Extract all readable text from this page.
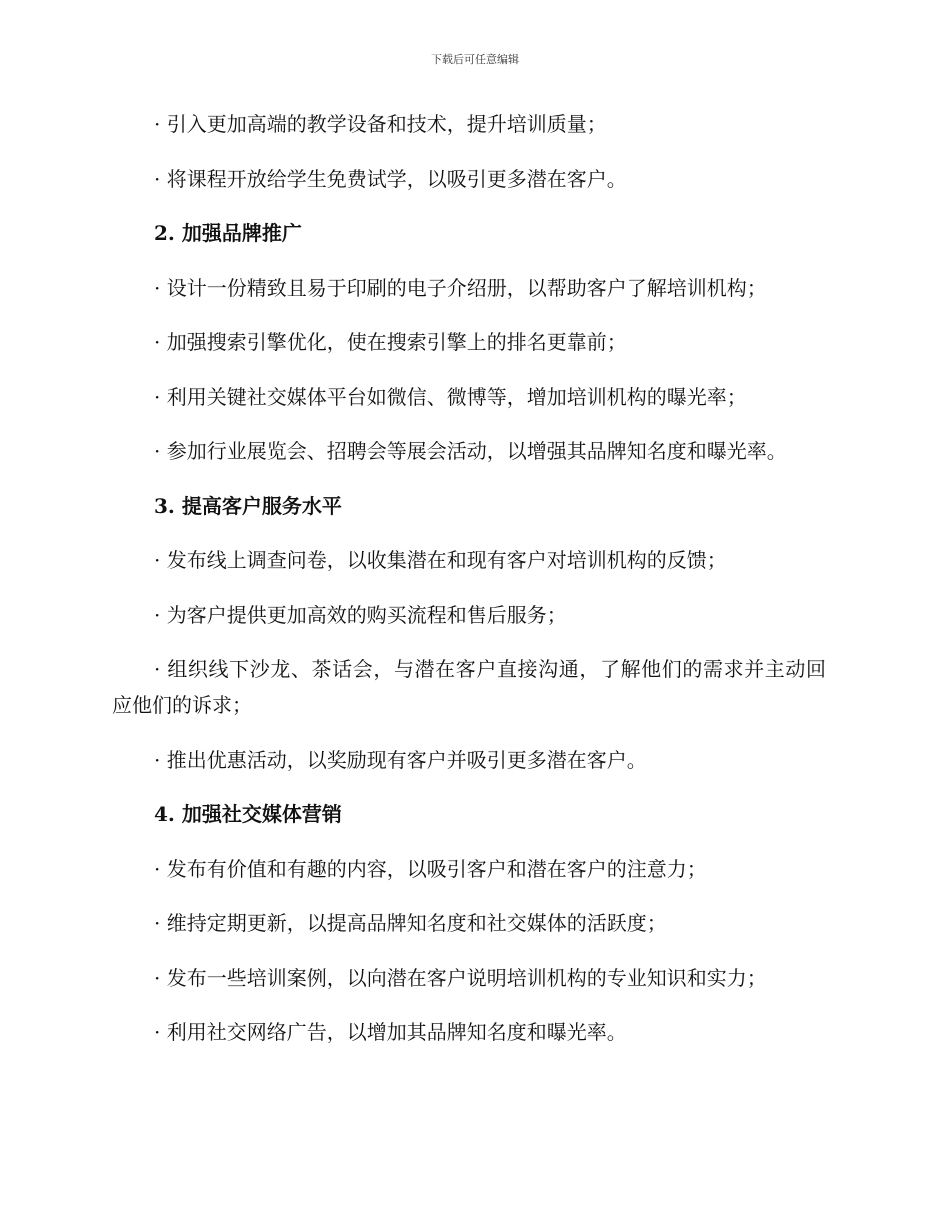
下载后可任意编辑

· 引入更加高端的教学设备和技术，提升培训质量；

· 将课程开放给学生免费试学，以吸引更多潜在客户。

2. 加强品牌推广

· 设计一份精致且易于印刷的电子介绍册，以帮助客户了解培训机构；

· 加强搜索引擎优化，使在搜索引擎上的排名更靠前；

· 利用关键社交媒体平台如微信、微博等，增加培训机构的曝光率；

· 参加行业展览会、招聘会等展会活动，以增强其品牌知名度和曝光率。

3. 提高客户服务水平

· 发布线上调查问卷，以收集潜在和现有客户对培训机构的反馈；

· 为客户提供更加高效的购买流程和售后服务；

· 组织线下沙龙、茶话会，与潜在客户直接沟通，了解他们的需求并主动回应他们的诉求；

· 推出优惠活动，以奖励现有客户并吸引更多潜在客户。

4. 加强社交媒体营销

· 发布有价值和有趣的内容，以吸引客户和潜在客户的注意力；

· 维持定期更新，以提高品牌知名度和社交媒体的活跃度；

· 发布一些培训案例，以向潜在客户说明培训机构的专业知识和实力；

· 利用社交网络广告，以增加其品牌知名度和曝光率。
